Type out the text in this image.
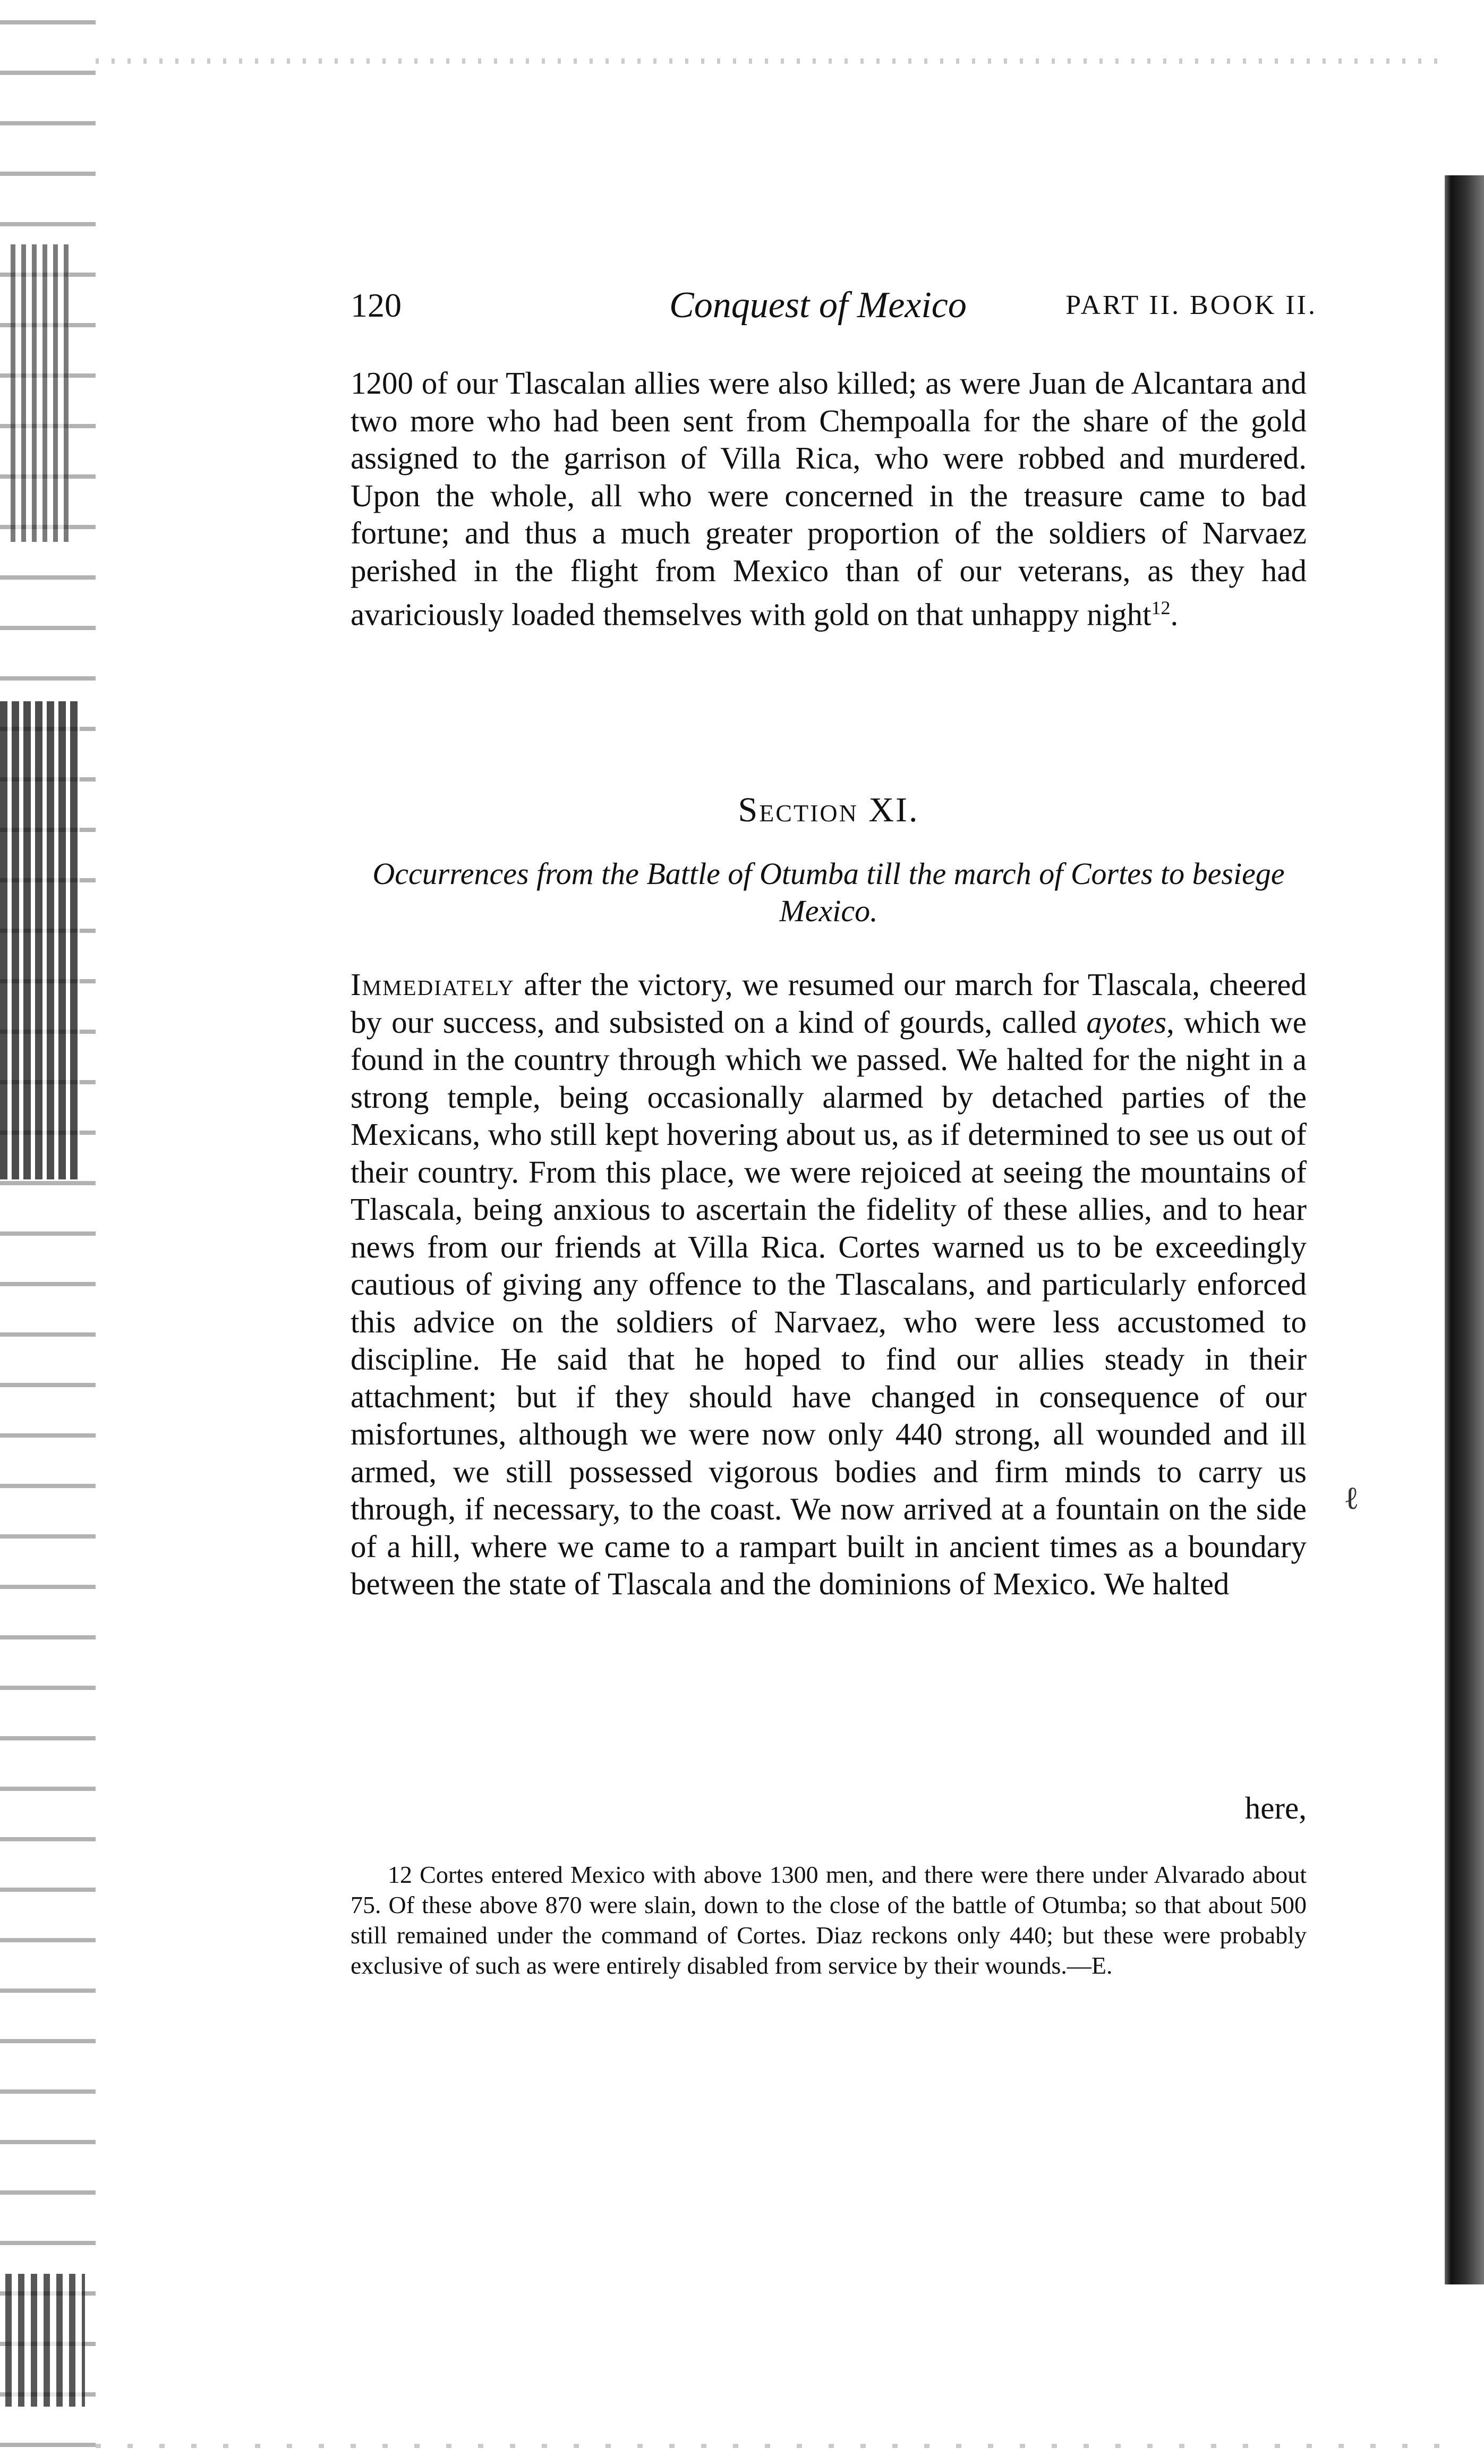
120	Conquest of Mexico	PART II. BOOK II.

1200 of our Tlascalan allies were also killed; as were Juan de Alcantara and two more who had been sent from Chempoalla for the share of the gold assigned to the garrison of Villa Rica, who were robbed and murdered. Upon the whole, all who were concerned in the treasure came to bad fortune; and thus a much greater proportion of the soldiers of Narvaez perished in the flight from Mexico than of our veterans, as they had avariciously loaded themselves with gold on that unhappy night$^{12}$.

Section XI.
Occurrences from the Battle of Otumba till the march of Cortes to besiege Mexico.

Immediately after the victory, we resumed our march for Tlascala, cheered by our success, and subsisted on a kind of gourds, called ayotes, which we found in the country through which we passed. We halted for the night in a strong temple, being occasionally alarmed by detached parties of the Mexicans, who still kept hovering about us, as if determined to see us out of their country. From this place, we were rejoiced at seeing the mountains of Tlascala, being anxious to ascertain the fidelity of these allies, and to hear news from our friends at Villa Rica. Cortes warned us to be exceedingly cautious of giving any offence to the Tlascalans, and particularly enforced this advice on the soldiers of Narvaez, who were less accustomed to discipline. He said that he hoped to find our allies steady in their attachment; but if they should have changed in consequence of our misfortunes, although we were now only 440 strong, all wounded and ill armed, we still possessed vigorous bodies and firm minds to carry us through, if necessary, to the coast. We now arrived at a fountain on the side of a hill, where we came to a rampart built in ancient times as a boundary between the state of Tlascala and the dominions of Mexico. We halted

here,
ℓ

12 Cortes entered Mexico with above 1300 men, and there were there under Alvarado about 75. Of these above 870 were slain, down to the close of the battle of Otumba; so that about 500 still remained under the command of Cortes. Diaz reckons only 440; but these were probably exclusive of such as were entirely disabled from service by their wounds.—E.
